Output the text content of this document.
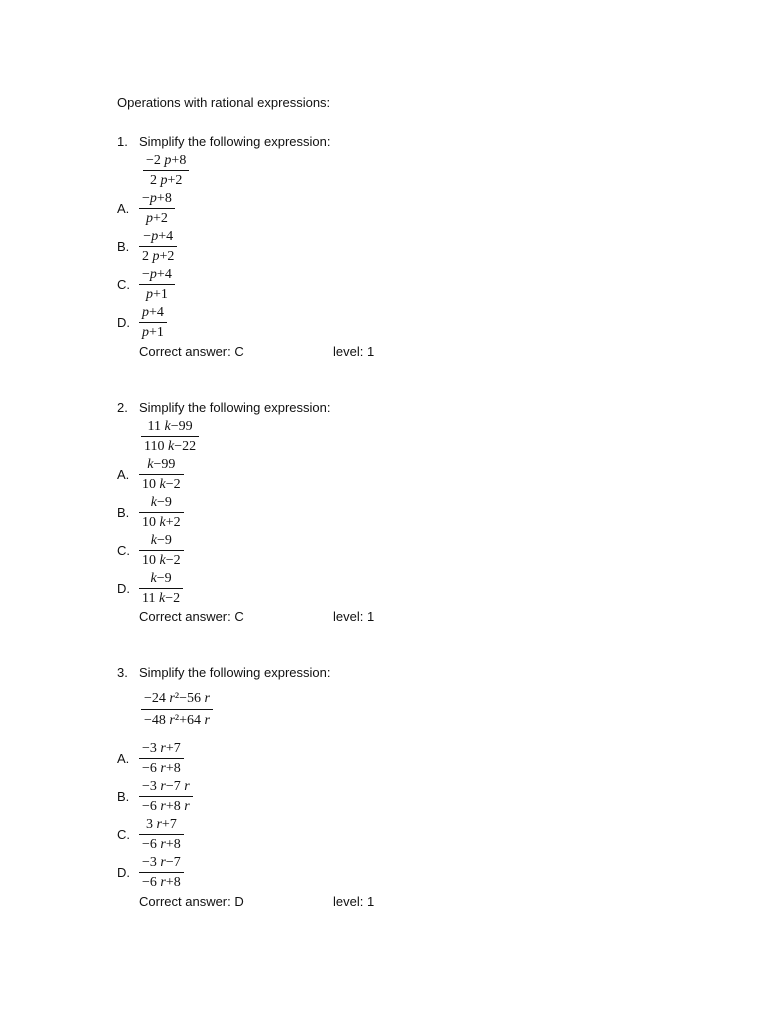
Operations with rational expressions:
1. Simplify the following expression:
−2 p+8
2 p+2
A.
−p+8
p+2
B.
−p+4
2 p+2
C.
−p+4
p+1
D.
p+4
p+1
Correct answer: C	level: 1
2. Simplify the following expression:
11 k−99
110 k−22
A.
k−99
10 k−2
B.
k−9
10 k+2
C.
k−9
10 k−2
D.
k−9
11 k−2
Correct answer: C	level: 1
3. Simplify the following expression:
−24 r²−56 r
−48 r²+64 r
A.
−3 r+7
−6 r+8
B.
−3 r−7 r
−6 r+8 r
C.
3 r+7
−6 r+8
D.
−3 r−7
−6 r+8
Correct answer: D	level: 1
